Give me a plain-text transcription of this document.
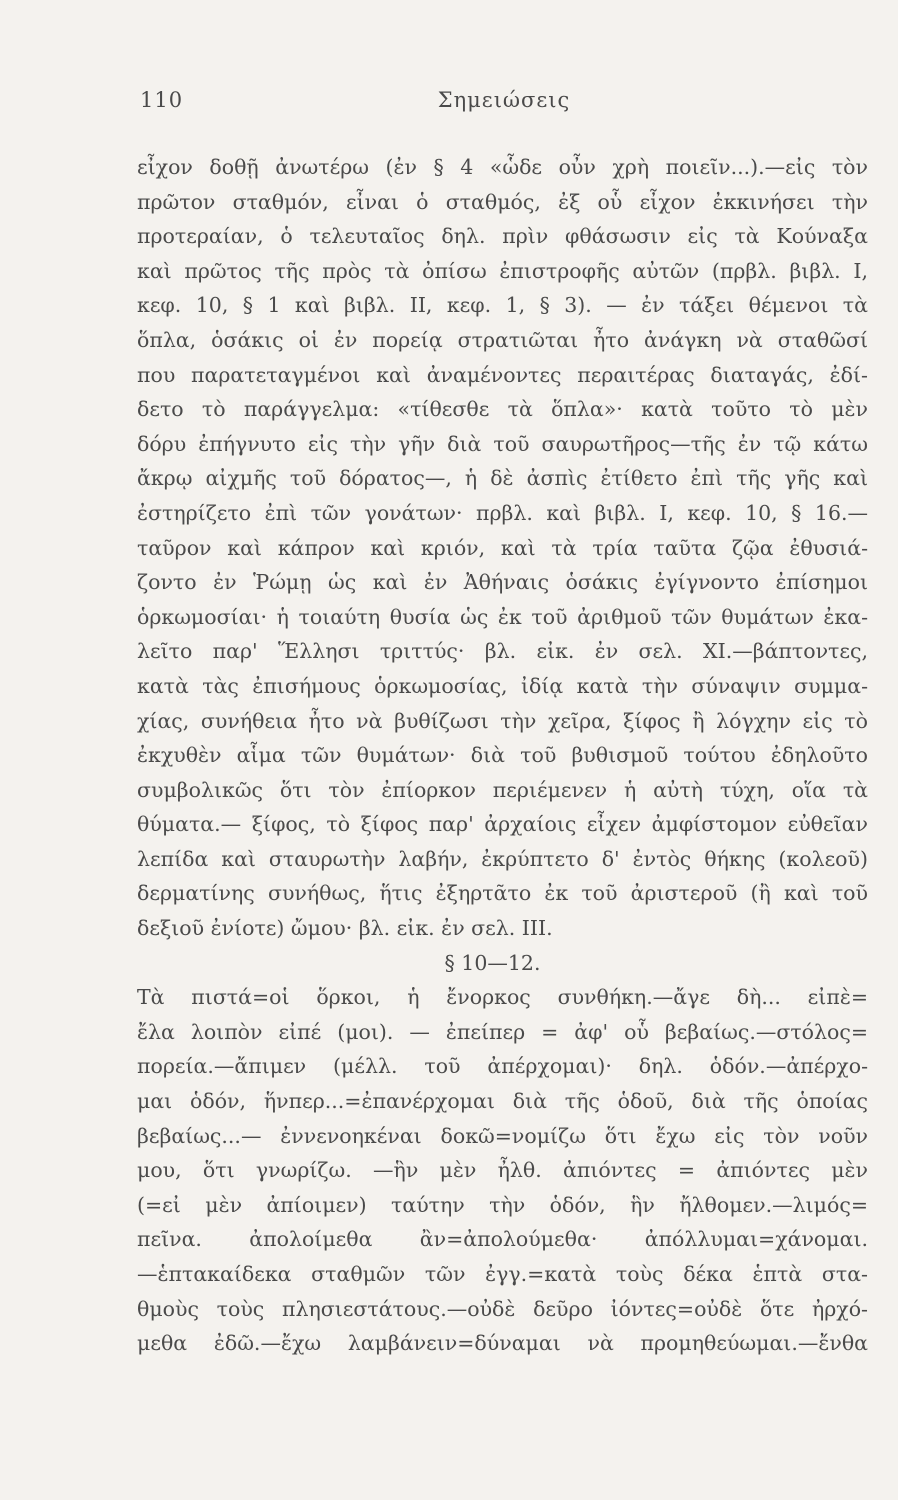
110	Σημειώσεις
εἶχον δοθῇ ἀνωτέρω (ἐν § 4 «ὧδε οὖν χρὴ ποιεῖν...).—εἰς τὸν
πρῶτον σταθμόν, εἶναι ὁ σταθμός, ἐξ οὗ εἶχον ἐκκινήσει τὴν
προτεραίαν, ὁ τελευταῖος δηλ. πρὶν φθάσωσιν εἰς τὰ Κούναξα
καὶ πρῶτος τῆς πρὸς τὰ ὀπίσω ἐπιστροφῆς αὐτῶν (πρβλ. βιβλ. Ι,
κεφ. 10, § 1 καὶ βιβλ. ΙΙ, κεφ. 1, § 3). — ἐν τάξει θέμενοι τὰ
ὅπλα, ὁσάκις οἱ ἐν πορείᾳ στρατιῶται ἦτο ἀνάγκη νὰ σταθῶσί
που παρατεταγμένοι καὶ ἀναμένοντες περαιτέρας διαταγάς, ἐδί-
δετο τὸ παράγγελμα: «τίθεσθε τὰ ὅπλα»· κατὰ τοῦτο τὸ μὲν
δόρυ ἐπήγνυτο εἰς τὴν γῆν διὰ τοῦ σαυρωτῆρος—τῆς ἐν τῷ κάτω
ἄκρῳ αἰχμῆς τοῦ δόρατος—, ἡ δὲ ἀσπὶς ἐτίθετο ἐπὶ τῆς γῆς καὶ
ἐστηρίζετο ἐπὶ τῶν γονάτων· πρβλ. καὶ βιβλ. Ι, κεφ. 10, § 16.—
ταῦρον καὶ κάπρον καὶ κριόν, καὶ τὰ τρία ταῦτα ζῷα ἐθυσιά-
ζοντο ἐν Ῥώμῃ ὡς καὶ ἐν Ἀθήναις ὁσάκις ἐγίγνοντο ἐπίσημοι
ὁρκωμοσίαι· ἡ τοιαύτη θυσία ὡς ἐκ τοῦ ἀριθμοῦ τῶν θυμάτων ἐκα-
λεῖτο παρ' Ἕλλησι τριττύς· βλ. εἰκ. ἐν σελ. ΧΙ.—βάπτοντες,
κατὰ τὰς ἐπισήμους ὁρκωμοσίας, ἰδίᾳ κατὰ τὴν σύναψιν συμμα-
χίας, συνήθεια ἦτο νὰ βυθίζωσι τὴν χεῖρα, ξίφος ἢ λόγχην εἰς τὸ
ἐκχυθὲν αἷμα τῶν θυμάτων· διὰ τοῦ βυθισμοῦ τούτου ἐδηλοῦτο
συμβολικῶς ὅτι τὸν ἐπίορκον περιέμενεν ἡ αὐτὴ τύχη, οἵα τὰ
θύματα.— ξίφος, τὸ ξίφος παρ' ἀρχαίοις εἶχεν ἀμφίστομον εὐθεῖαν
λεπίδα καὶ σταυρωτὴν λαβήν, ἐκρύπτετο δ' ἐντὸς θήκης (κολεοῦ)
δερματίνης συνήθως, ἥτις ἐξηρτᾶτο ἐκ τοῦ ἀριστεροῦ (ἢ καὶ τοῦ
δεξιοῦ ἐνίοτε) ὤμου· βλ. εἰκ. ἐν σελ. ΙΙΙ.
§ 10—12.
Τὰ πιστά=οἱ ὅρκοι, ἡ ἔνορκος συνθήκη.—ἄγε δὴ... εἰπὲ=
ἔλα λοιπὸν εἰπέ (μοι). — ἐπείπερ = ἀφ' οὗ βεβαίως.—στόλος=
πορεία.—ἄπιμεν (μέλλ. τοῦ ἀπέρχομαι)· δηλ. ὁδόν.—ἀπέρχο-
μαι ὁδόν, ἥνπερ...=ἐπανέρχομαι διὰ τῆς ὁδοῦ, διὰ τῆς ὁποίας
βεβαίως...— ἐννενοηκέναι δοκῶ=νομίζω ὅτι ἔχω εἰς τὸν νοῦν
μου, ὅτι γνωρίζω. —ἣν μὲν ἦλθ. ἀπιόντες = ἀπιόντες μὲν
(=εἰ μὲν ἀπίοιμεν) ταύτην τὴν ὁδόν, ἣν ἤλθομεν.—λιμός=
πεῖνα. ἀπολοίμεθα ἂν=ἀπολούμεθα· ἀπόλλυμαι=χάνομαι.
—ἑπτακαίδεκα σταθμῶν τῶν ἐγγ.=κατὰ τοὺς δέκα ἑπτὰ στα-
θμοὺς τοὺς πλησιεστάτους.—οὐδὲ δεῦρο ἰόντες=οὐδὲ ὅτε ἠρχό-
μεθα ἐδῶ.—ἔχω λαμβάνειν=δύναμαι νὰ προμηθεύωμαι.—ἔνθα
